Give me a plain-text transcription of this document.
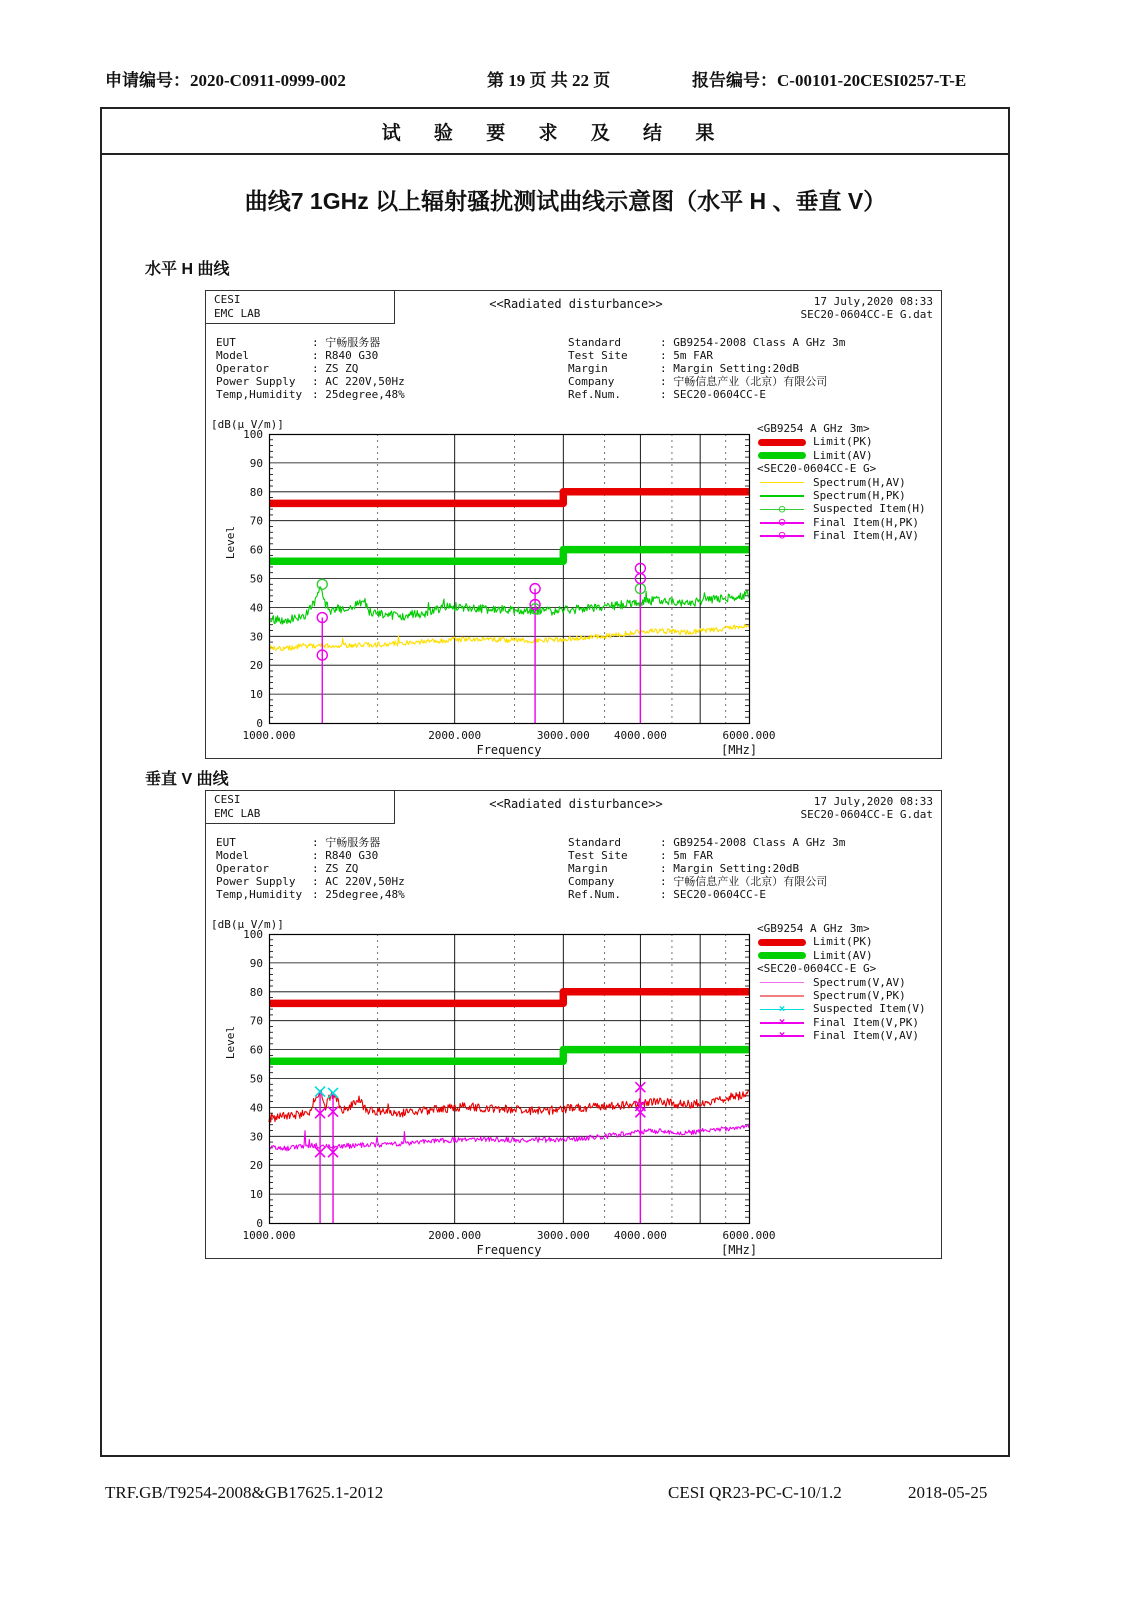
申请编号：2020-C0911-0999-002	第 19 页 共 22 页	报告编号：C-00101-20CESI0257-T-E
试 验 要 求 及 结 果
曲线7 1GHz 以上辐射骚扰测试曲线示意图（水平 H 、垂直 V）
水平 H 曲线
垂直 V 曲线
CESI
EMC LAB
<<Radiated disturbance>>	17 July,2020 08:33
SEC20-0604CC-E G.dat
EUT	: 宁畅服务器
Model	: R840 G30
Operator	: ZS ZQ
Power Supply : AC 220V,50Hz
Temp,Humidity : 25degree,48%
Standard	: GB9254-2008 Class A GHz 3m
Test Site	: 5m FAR
Margin	: Margin Setting:20dB
Company	: 宁畅信息产业（北京）有限公司
Ref.Num.	: SEC20-0604CC-E
[dB(µ V/m)]
Level
0
10
20
30
40
50
60
70
80
90
100
1000.000	2000.000	3000.000 4000.000	6000.000
Frequency	[MHz]
<GB9254 A GHz 3m>
Limit(PK)
Limit(AV)
<SEC20-0604CC-E G>
Spectrum(H,AV)
Spectrum(H,PK)
○	Suspected Item(H)
○	Final Item(H,PK)
○	Final Item(H,AV)
CESI
EMC LAB
<<Radiated disturbance>>	17 July,2020 08:33
SEC20-0604CC-E G.dat
EUT	: 宁畅服务器
Model	: R840 G30
Operator	: ZS ZQ
Power Supply : AC 220V,50Hz
Temp,Humidity : 25degree,48%
Standard	: GB9254-2008 Class A GHz 3m
Test Site	: 5m FAR
Margin	: Margin Setting:20dB
Company	: 宁畅信息产业（北京）有限公司
Ref.Num.	: SEC20-0604CC-E
[dB(µ V/m)]
Level
0
10
20
30
40
50
60
70
80
90
100
1000.000	2000.000	3000.000 4000.000	6000.000
Frequency	[MHz]
<GB9254 A GHz 3m>
Limit(PK)
Limit(AV)
<SEC20-0604CC-E G>
Spectrum(V,AV)
Spectrum(V,PK)
×	Suspected Item(V)
×	Final Item(V,PK)
×	Final Item(V,AV)
TRF.GB/T9254-2008&GB17625.1-2012	CESI QR23-PC-C-10/1.2	2018-05-25
